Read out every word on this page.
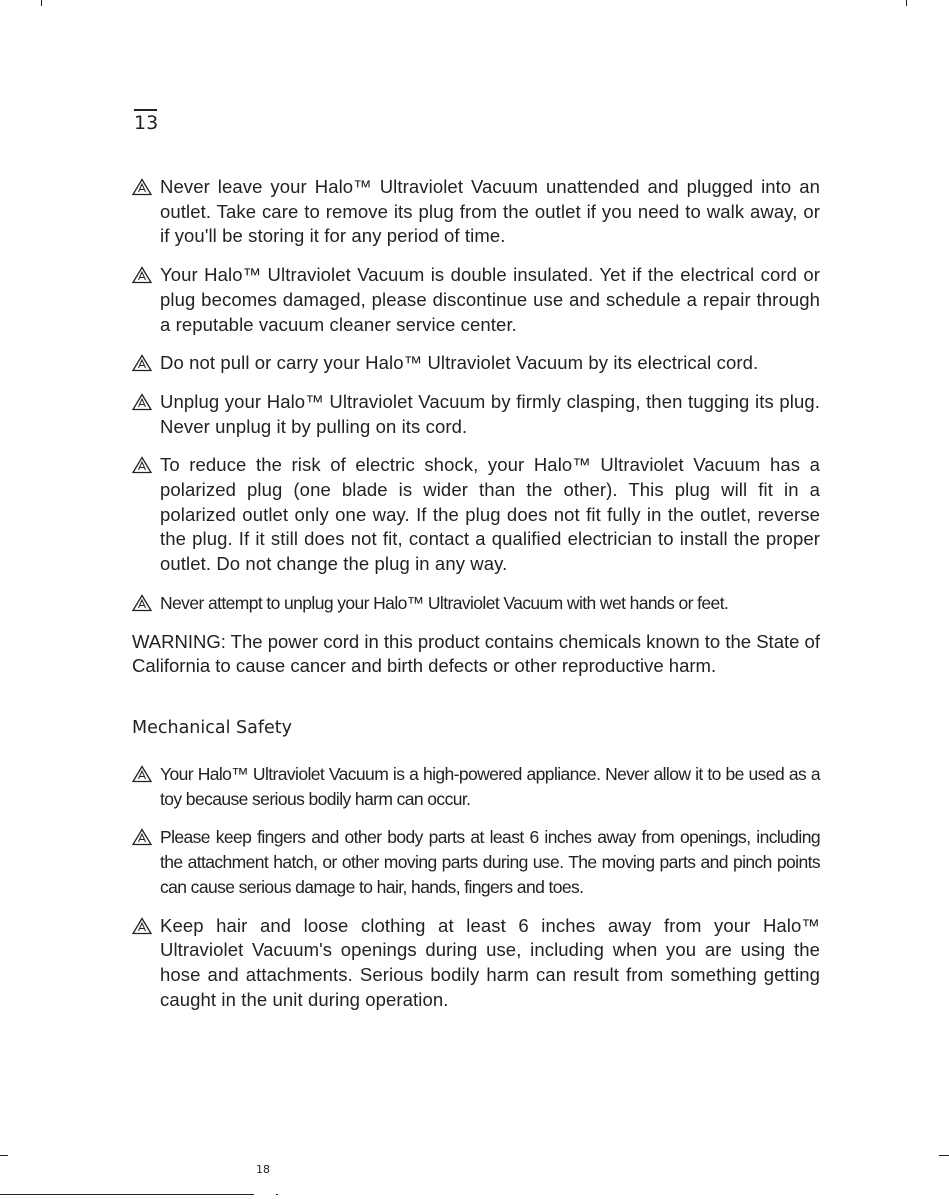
13
Never leave your Halo™ Ultraviolet Vacuum unattended and plugged into an outlet. Take care to remove its plug from the outlet if you need to walk away, or if you'll be storing it for any period of time.
Your Halo™ Ultraviolet Vacuum is double insulated. Yet if the electrical cord or plug becomes damaged, please discontinue use and schedule a repair through a reputable vacuum cleaner service center.
Do not pull or carry your Halo™ Ultraviolet Vacuum by its electrical cord.
Unplug your Halo™ Ultraviolet Vacuum by firmly clasping, then tugging its plug. Never unplug it by pulling on its cord.
To reduce the risk of electric shock, your Halo™ Ultraviolet Vacuum has a polarized plug (one blade is wider than the other). This plug will fit in a polarized outlet only one way. If the plug does not fit fully in the outlet, reverse the plug. If it still does not fit, contact a qualified electrician to install the proper outlet. Do not change the plug in any way.
Never attempt to unplug your Halo™ Ultraviolet Vacuum with wet hands or feet.

WARNING: The power cord in this product contains chemicals known to the State of California to cause cancer and birth defects or other reproductive harm.

Mechanical Safety
Your Halo™ Ultraviolet Vacuum is a high-powered appliance. Never allow it to be used as a toy because serious bodily harm can occur.
Please keep fingers and other body parts at least 6 inches away from openings, including the attachment hatch, or other moving parts during use. The moving parts and pinch points can cause serious damage to hair, hands, fingers and toes.
Keep hair and loose clothing at least 6 inches away from your Halo™ Ultraviolet Vacuum's openings during use, including when you are using the hose and attachments. Serious bodily harm can result from something getting caught in the unit during operation.
18
